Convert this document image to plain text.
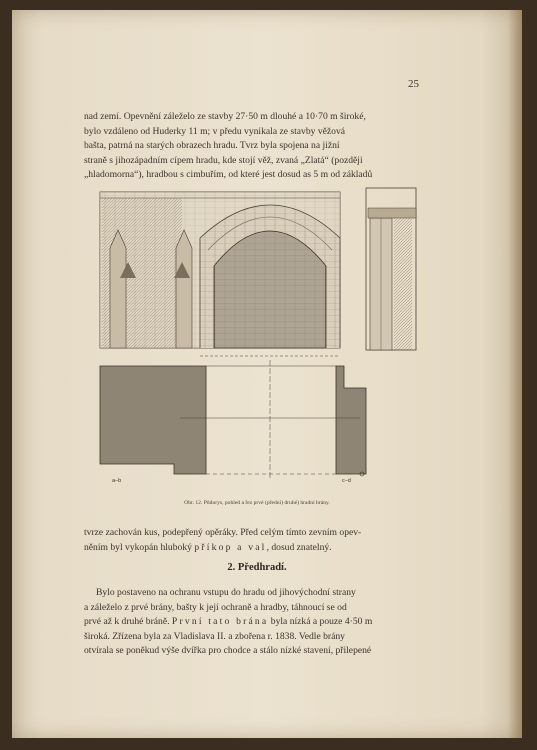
25

nad zemí. Opevnění záleželo ze stavby 27·50 m dlouhé a 10·70 m široké,

bylo vzdáleno od Huderky 11 m; v předu vynikala ze stavby věžová

bašta, patrná na starých obrazech hradu. Tvrz byla spojena na jižní

straně s jihozápadním cípem hradu, kde stojí věž, zvaná „Zlatá“ (později

„hladomorna“), hradbou s cimbuřím, od které jest dosud as 5 m od základů

a–b	c–d
Obr. 12. Půdorys, pohled a řez prvé (přední) druhé) hradní brány.

tvrze zachován kus, podepřený opěráky. Před celým tímto zevním opev-

něním byl vykopán hluboký příkop a val, dosud znatelný.

2. Předhradí.

Bylo postaveno na ochranu vstupu do hradu od jihovýchodní strany

a záleželo z prvé brány, bašty k její ochraně a hradby, táhnoucí se od

prvé až k druhé bráně. První tato brána byla nízká a pouze 4·50 m

široká. Zřízena byla za Vladislava II. a zbořena r. 1838. Vedle brány

otvírala se poněkud výše dvířka pro chodce a stálo nízké stavení, přilepené
